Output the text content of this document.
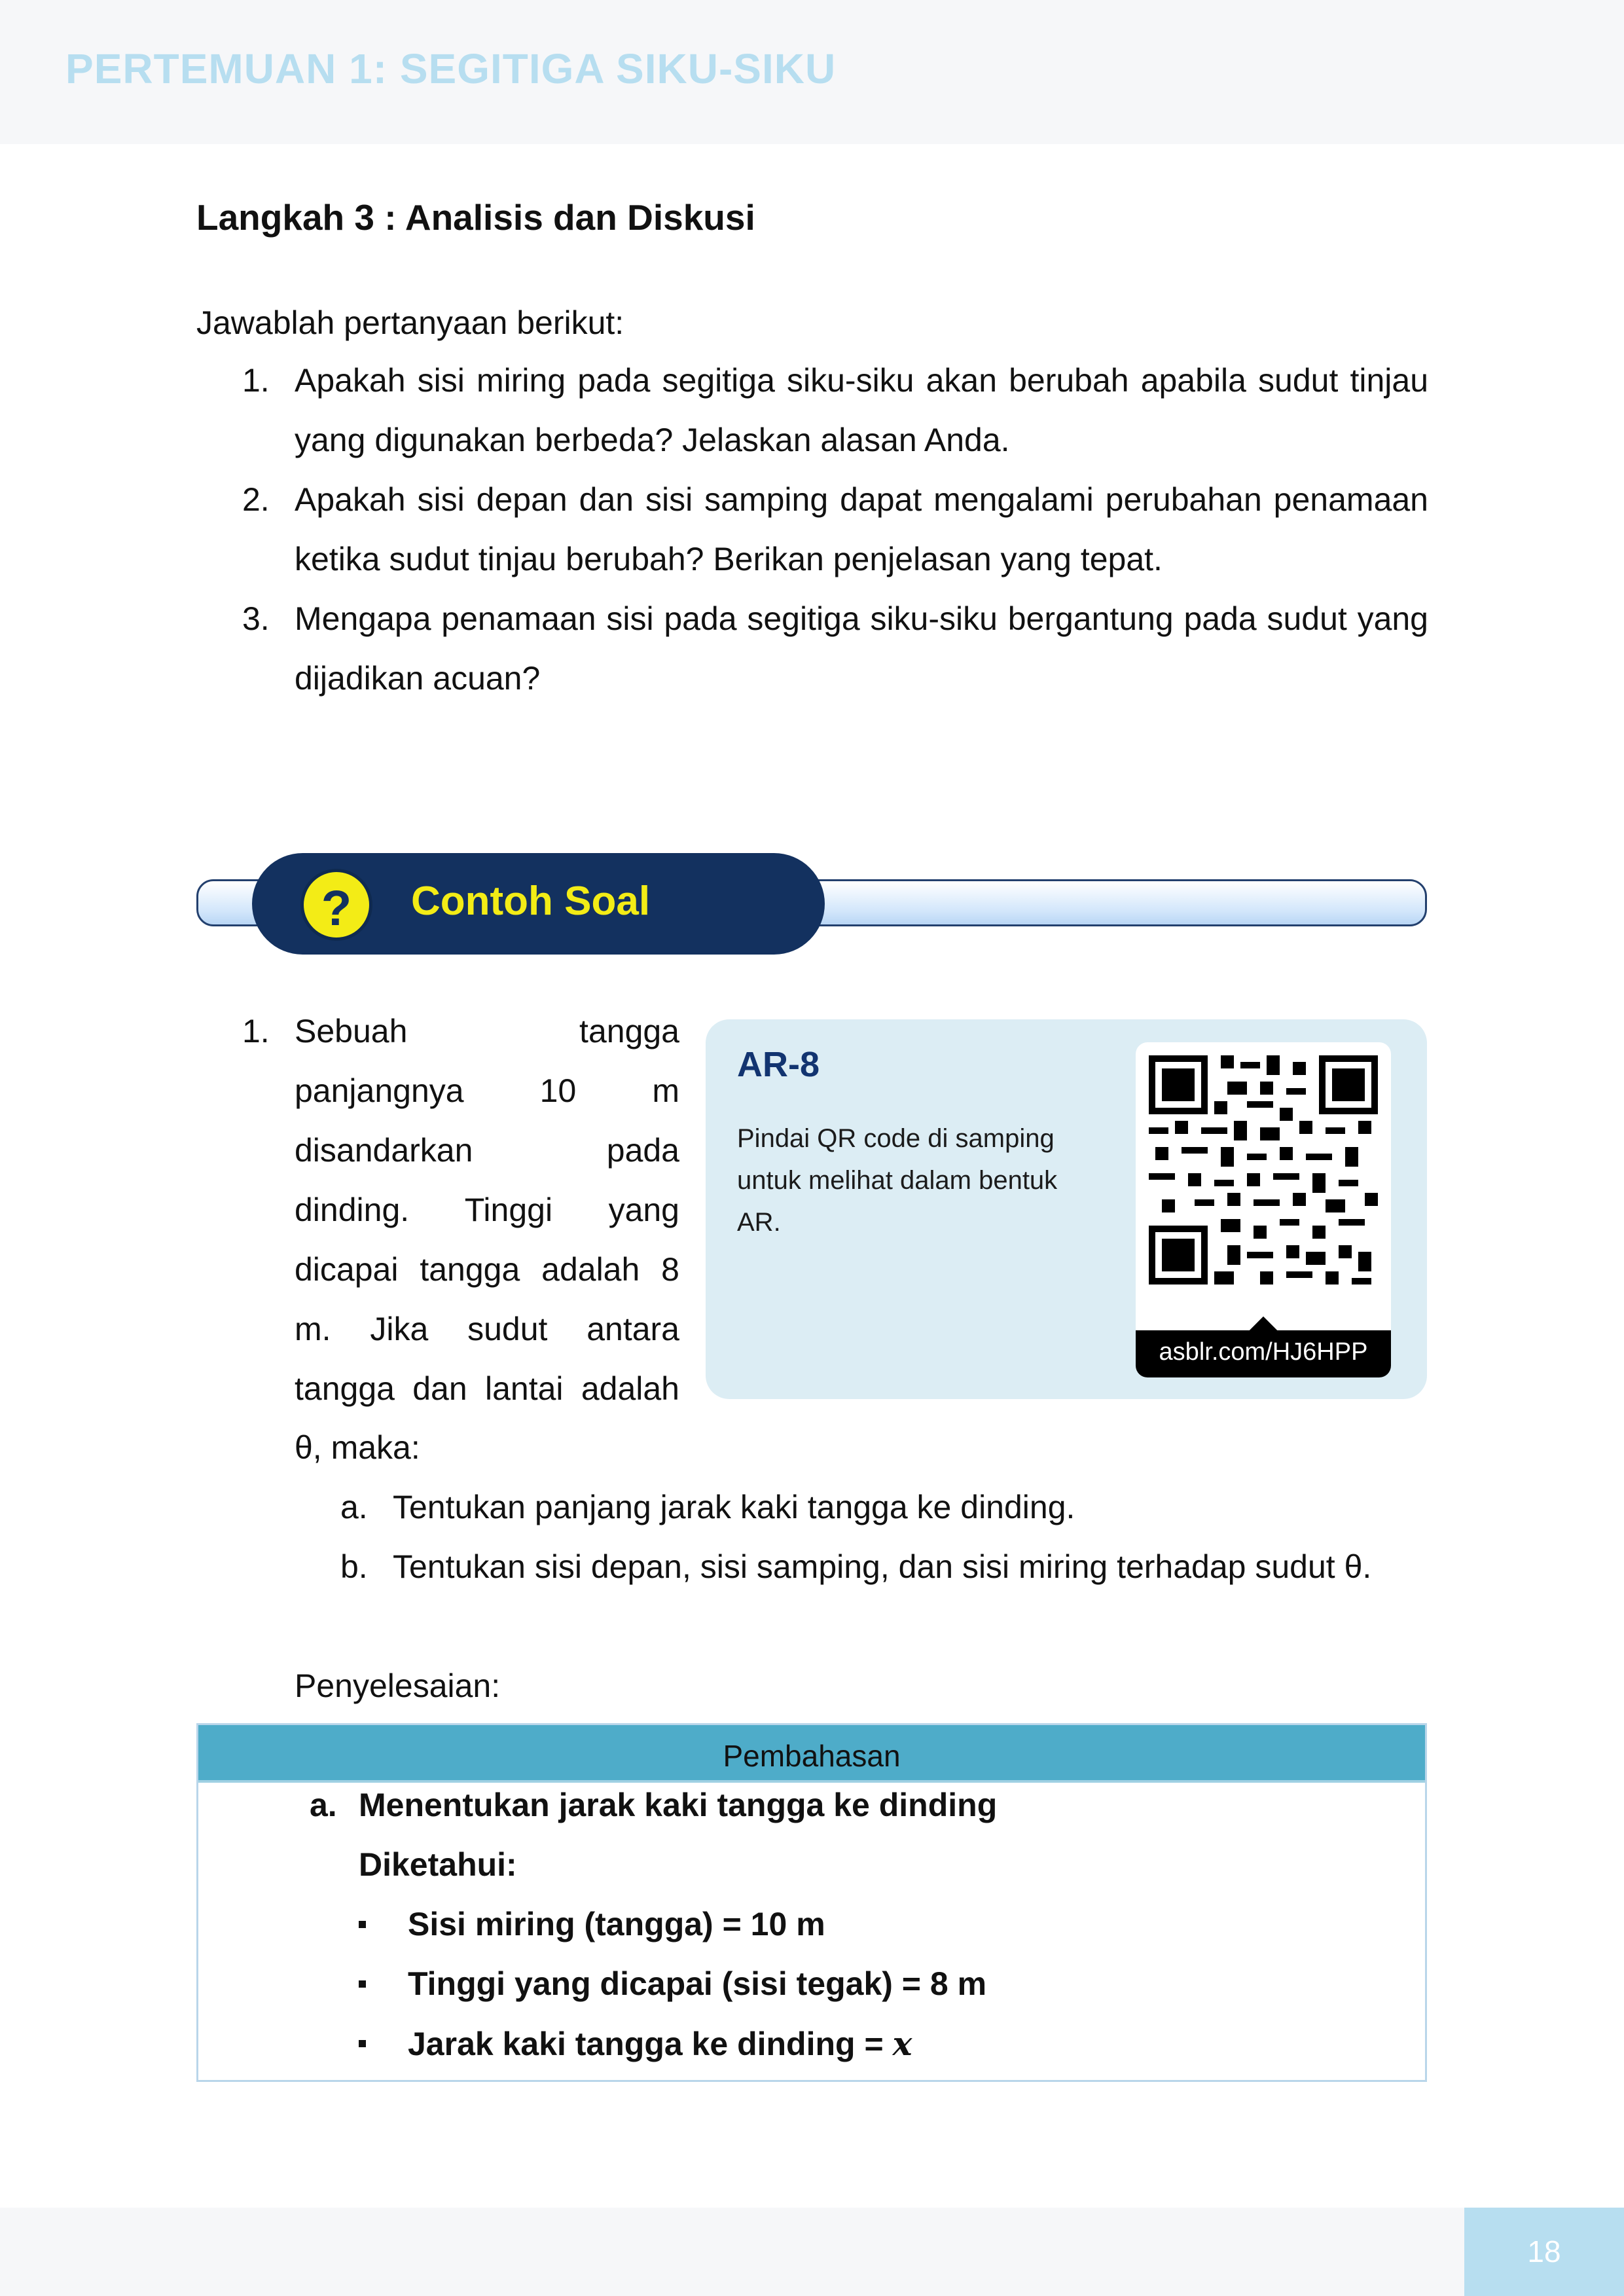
PERTEMUAN 1: SEGITIGA SIKU-SIKU
Langkah 3 : Analisis dan Diskusi
Jawablah pertanyaan berikut:
1. Apakah sisi miring pada segitiga siku-siku akan berubah apabila sudut tinjau yang digunakan berbeda? Jelaskan alasan Anda.
2. Apakah sisi depan dan sisi samping dapat mengalami perubahan penamaan ketika sudut tinjau berubah? Berikan penjelasan yang tepat.
3. Mengapa penamaan sisi pada segitiga siku-siku bergantung pada sudut yang dijadikan acuan?
?	Contoh Soal
1. Sebuah tangga
panjangnya 10 m
disandarkan pada
dinding. Tinggi yang
dicapai tangga adalah 8
m. Jika sudut antara
tangga dan lantai adalah
θ, maka:
a. Tentukan panjang jarak kaki tangga ke dinding.
b. Tentukan sisi depan, sisi samping, dan sisi miring terhadap sudut θ.
AR-8
Pindai QR code di samping untuk melihat dalam bentuk AR.
asblr.com/HJ6HPP
Penyelesaian:
Pembahasan
a. Menentukan jarak kaki tangga ke dinding
Diketahui:
Sisi miring (tangga) = 10 m
Tinggi yang dicapai (sisi tegak) = 8 m
Jarak kaki tangga ke dinding = x
18
